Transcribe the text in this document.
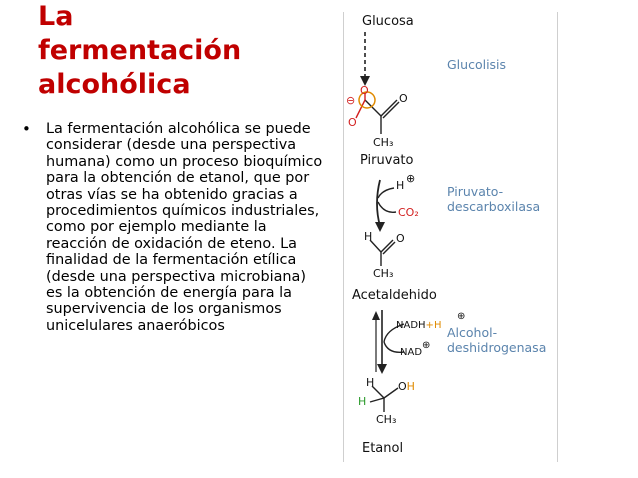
La
fermentación
alcohólica
• La fermentación alcohólica se puede considerar (desde una perspectiva humana) como un proceso bioquímico para la obtención de etanol, que por otras vías se ha obtenido gracias a procedimientos químicos industriales, como por ejemplo mediante la reacción de oxidación de eteno. La finalidad de la fermentación etílica (desde una perspectiva microbiana) es la obtención de energía para la supervivencia de los organismos unicelulares anaeróbicos
Glucosa
Piruvato
Acetaldehido
Etanol
Glucolisis
Piruvato-
descarboxilasa
Alcohol-
deshidrogenasa
⊖
O
O
O
CH₃
H
⊕
CO₂
H O
CH₃
NADH+H
⊕
NAD
⊕
H OH
H
CH₃
